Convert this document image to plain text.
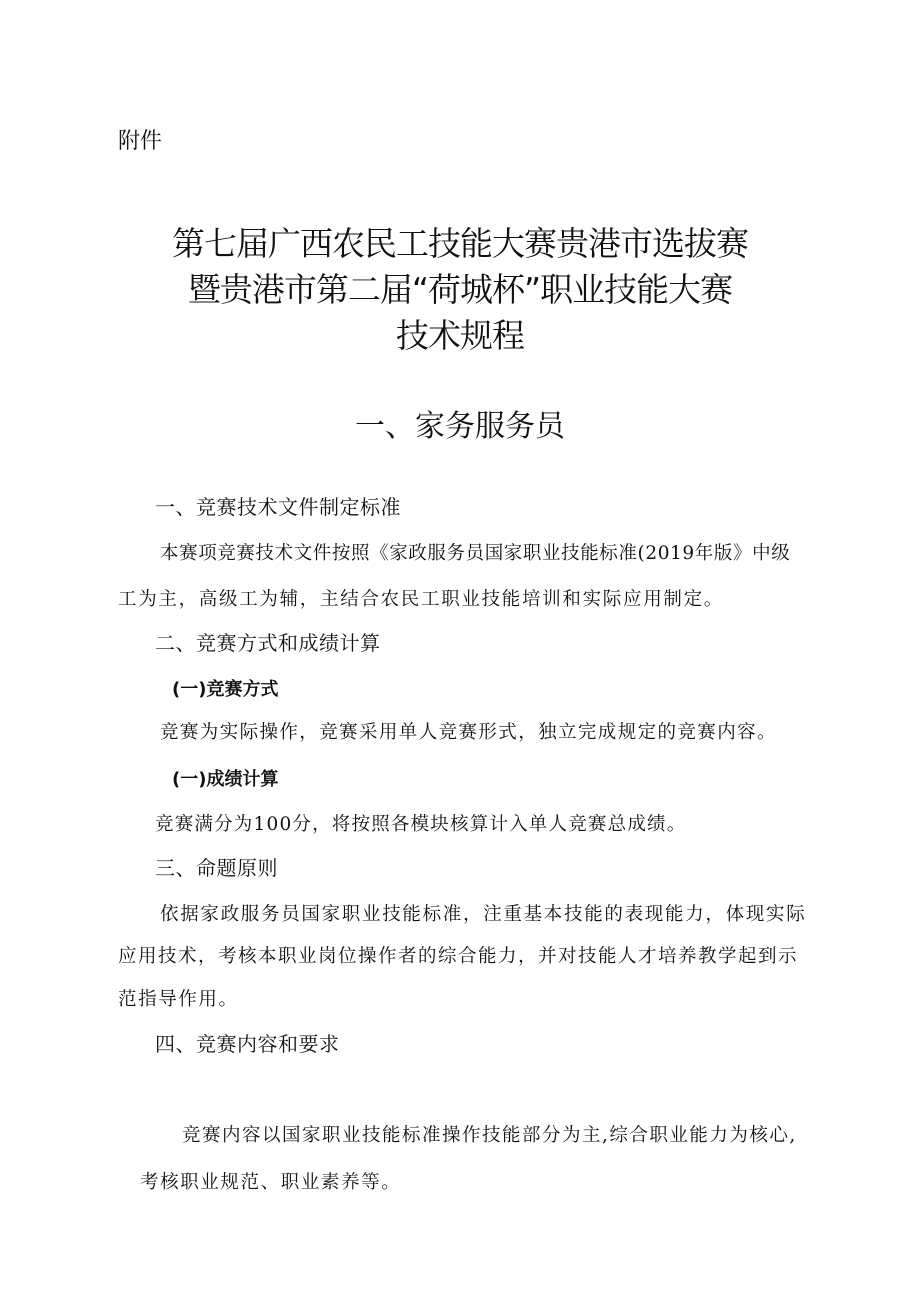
附件

第七届广西农民工技能大赛贵港市选拔赛

暨贵港市第二届“荷城杯”职业技能大赛

技术规程

一、家务服务员

一、竞赛技术文件制定标准

本赛项竞赛技术文件按照《家政服务员国家职业技能标准(2019年版》中级

工为主，高级工为辅，主结合农民工职业技能培训和实际应用制定。

二、竞赛方式和成绩计算

(一)竞赛方式

竞赛为实际操作，竞赛采用单人竞赛形式，独立完成规定的竞赛内容。

(一)成绩计算

竞赛满分为100分，将按照各模块核算计入单人竞赛总成绩。

三、命题原则

依据家政服务员国家职业技能标准，注重基本技能的表现能力，体现实际

应用技术，考核本职业岗位操作者的综合能力，并对技能人才培养教学起到示

范指导作用。

四、竞赛内容和要求

竞赛内容以国家职业技能标准操作技能部分为主,综合职业能力为核心,

考核职业规范、职业素养等。
